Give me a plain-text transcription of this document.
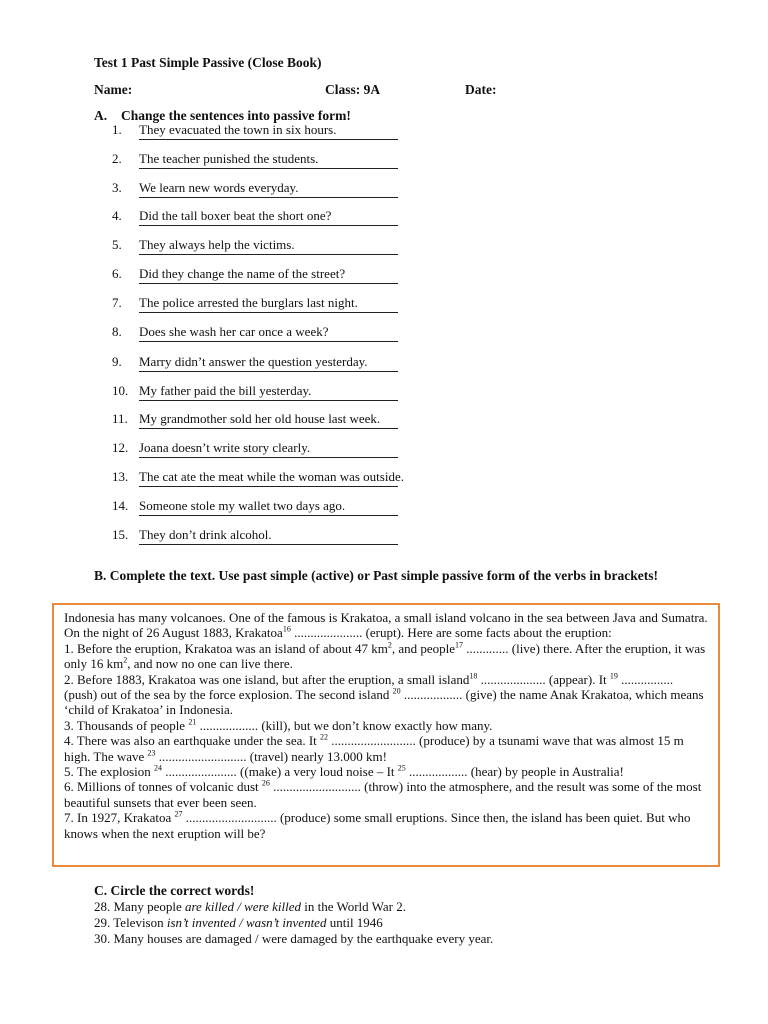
Test 1 Past Simple Passive (Close Book)
Name:	Class: 9A	Date:
A. Change the sentences into passive form!
1. They evacuated the town in six hours.
2. The teacher punished the students.
3. We learn new words everyday.
4. Did the tall boxer beat the short one?
5. They always help the victims.
6. Did they change the name of the street?
7. The police arrested the burglars last night.
8. Does she wash her car once a week?
9. Marry didn’t answer the question yesterday.
10. My father paid the bill yesterday.
11. My grandmother sold her old house last week.
12. Joana doesn’t write story clearly.
13. The cat ate the meat while the woman was outside.
14. Someone stole my wallet two days ago.
15. They don’t drink alcohol.
B. Complete the text. Use past simple (active) or Past simple passive form of the verbs in brackets!

Indonesia has many volcanoes. One of the famous is Krakatoa, a small island volcano in the sea between Java and Sumatra. On the night of 26 August 1883, Krakatoa$^{16}$ ..................... (erupt). Here are some facts about the eruption:

1. Before the eruption, Krakatoa was an island of about 47 $km^2$, and people$^{17}$ ............. (live) there. After the eruption, it was only 16 $km^2$, and now no one can live there.

2. Before 1883, Krakatoa was one island, but after the eruption, a small island$^{18}$ .................... (appear). It $^{19}$ ................ (push) out of the sea by the force explosion. The second island $^{20}$ .................. (give) the name Anak Krakatoa, which means ‘child of Krakatoa’ in Indonesia.

3. Thousands of people $^{21}$ .................. (kill), but we don’t know exactly how many.

4. There was also an earthquake under the sea. It $^{22}$ .......................... (produce) by a tsunami wave that was almost 15 m high. The wave $^{23}$ ........................... (travel) nearly 13.000 km!

5. The explosion $^{24}$ ...................... ((make) a very loud noise – It $^{25}$ .................. (hear) by people in Australia!

6. Millions of tonnes of volcanic dust $^{26}$ ........................... (throw) into the atmosphere, and the result was some of the most beautiful sunsets that ever been seen.

7. In 1927, Krakatoa $^{27}$ ............................ (produce) some small eruptions. Since then, the island has been quiet. But who knows when the next eruption will be?

C. Circle the correct words!
28. Many people are killed / were killed in the World War 2.
29. Televison isn’t invented / wasn’t invented until 1946
30. Many houses are damaged / were damaged by the earthquake every year.
